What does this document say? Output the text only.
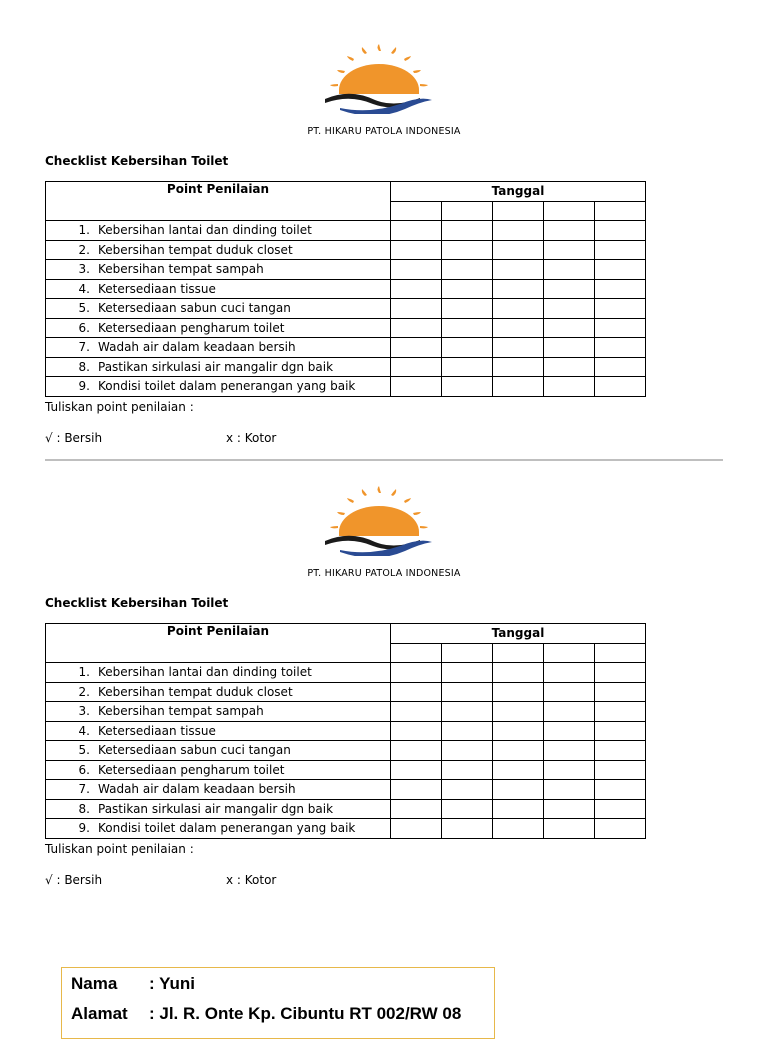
PT. HIKARU PATOLA INDONESIA
Checklist Kebersihan Toilet
Point Penilaian	Tanggal				

1. Kebersihan lantai dan dinding toilet					
2. Kebersihan tempat duduk closet					
3. Kebersihan tempat sampah					
4. Ketersediaan tissue					
5. Ketersediaan sabun cuci tangan					
6. Ketersediaan pengharum toilet					
7. Wadah air dalam keadaan bersih					
8. Pastikan sirkulasi air mangalir dgn baik					
9. Kondisi toilet dalam penerangan yang baik					
Tuliskan point penilaian :
√ : Bersih	x : Kotor
PT. HIKARU PATOLA INDONESIA
Checklist Kebersihan Toilet
Point Penilaian	Tanggal				

1. Kebersihan lantai dan dinding toilet					
2. Kebersihan tempat duduk closet					
3. Kebersihan tempat sampah					
4. Ketersediaan tissue					
5. Ketersediaan sabun cuci tangan					
6. Ketersediaan pengharum toilet					
7. Wadah air dalam keadaan bersih					
8. Pastikan sirkulasi air mangalir dgn baik					
9. Kondisi toilet dalam penerangan yang baik					
Tuliskan point penilaian :
√ : Bersih	x : Kotor
Nama : Yuni
Alamat : Jl. R. Onte Kp. Cibuntu RT 002/RW 08
